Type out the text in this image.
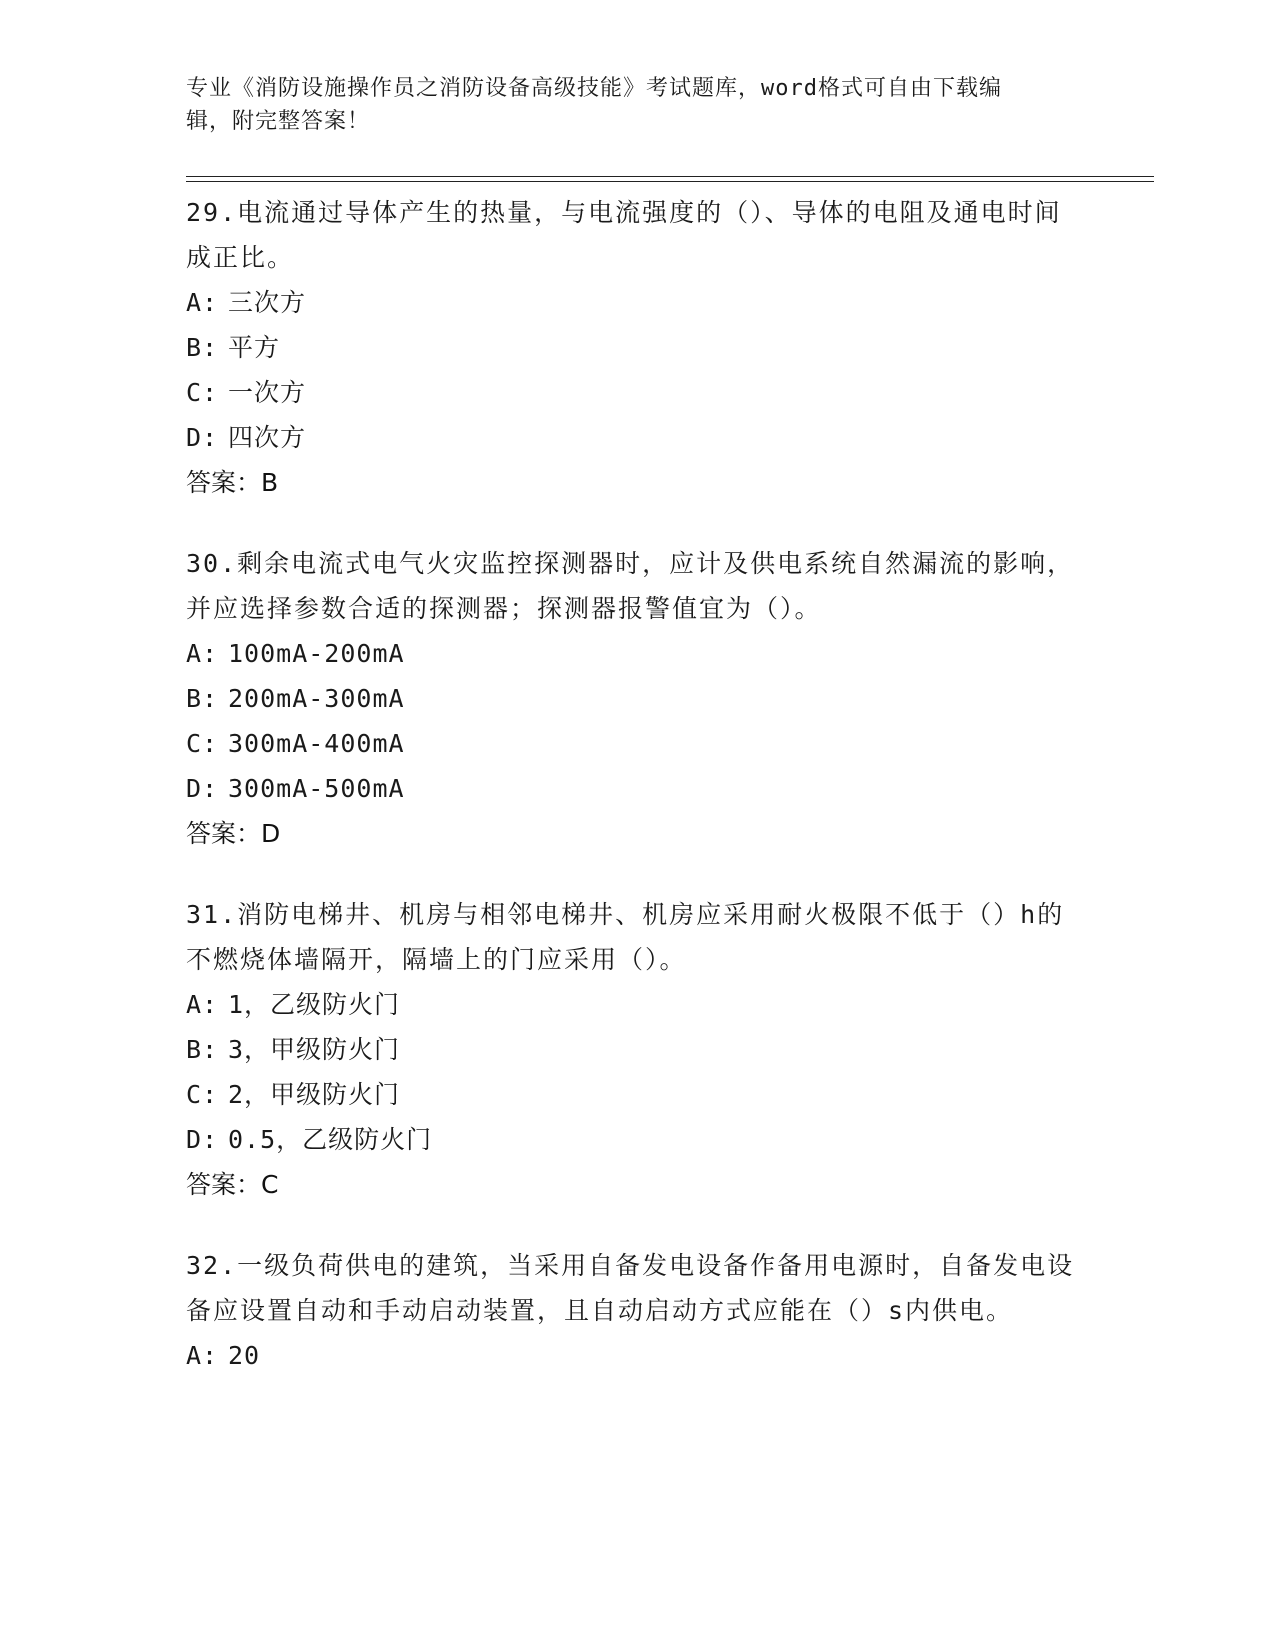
专业《消防设施操作员之消防设备高级技能》考试题库，word格式可自由下载编
辑，附完整答案！
29.电流通过导体产生的热量，与电流强度的（）、导体的电阻及通电时间成正比。
A: 三次方
B: 平方
C: 一次方
D: 四次方
答案：B
30.剩余电流式电气火灾监控探测器时，应计及供电系统自然漏流的影响，并应选择参数合适的探测器；探测器报警值宜为（）。
A: 100mA-200mA
B: 200mA-300mA
C: 300mA-400mA
D: 300mA-500mA
答案：D
31.消防电梯井、机房与相邻电梯井、机房应采用耐火极限不低于（）h的不燃烧体墙隔开，隔墙上的门应采用（）。
A: 1，乙级防火门
B: 3，甲级防火门
C: 2，甲级防火门
D: 0.5，乙级防火门
答案：C
32.一级负荷供电的建筑，当采用自备发电设备作备用电源时，自备发电设备应设置自动和手动启动装置，且自动启动方式应能在（）s内供电。
A: 20
